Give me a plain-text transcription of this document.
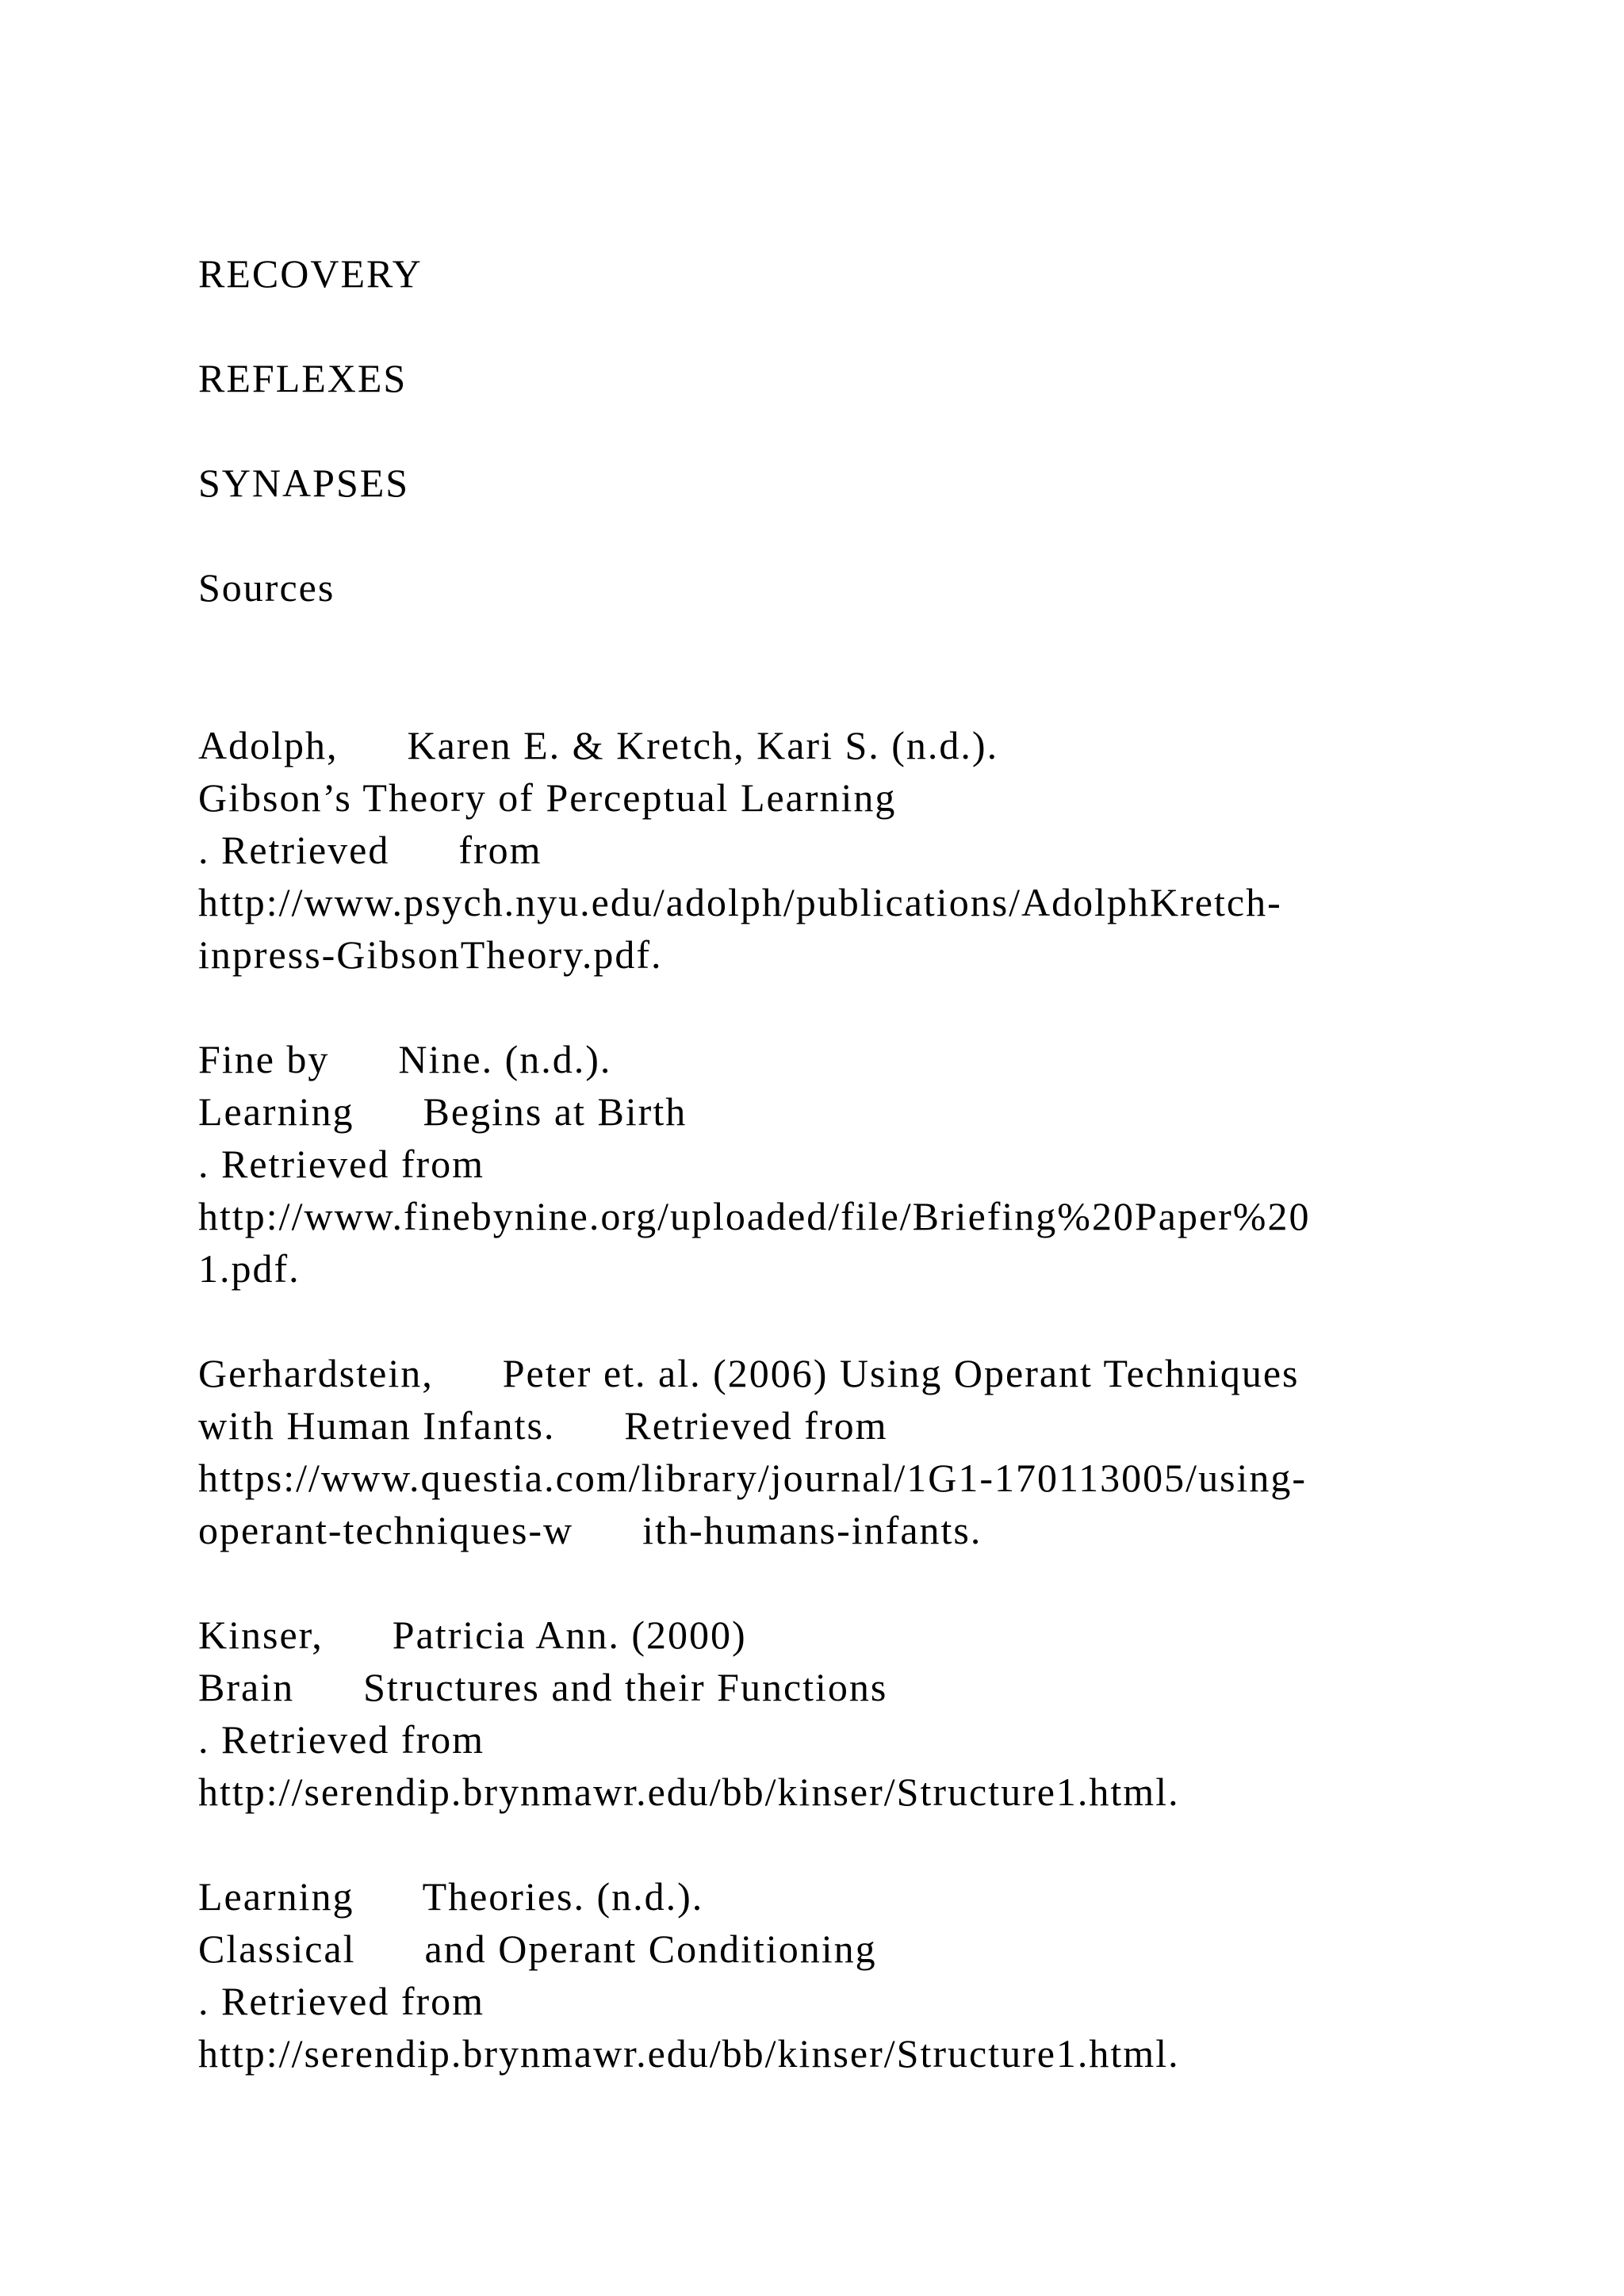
RECOVERY
REFLEXES
SYNAPSES
Sources
Adolph,      Karen E. & Kretch, Kari S. (n.d.).
Gibson’s Theory of Perceptual Learning
. Retrieved      from
http://www.psych.nyu.edu/adolph/publications/AdolphKretch-
inpress-GibsonTheory.pdf.
Fine by      Nine. (n.d.).
Learning      Begins at Birth
. Retrieved from
http://www.finebynine.org/uploaded/file/Briefing%20Paper%20
1.pdf.
Gerhardstein,      Peter et. al. (2006) Using Operant Techniques
with Human Infants.      Retrieved from
https://www.questia.com/library/journal/1G1-170113005/using-
operant-techniques-w      ith-humans-infants.
Kinser,      Patricia Ann. (2000)
Brain      Structures and their Functions
. Retrieved from
http://serendip.brynmawr.edu/bb/kinser/Structure1.html.
Learning      Theories. (n.d.).
Classical      and Operant Conditioning
. Retrieved from
http://serendip.brynmawr.edu/bb/kinser/Structure1.html.
